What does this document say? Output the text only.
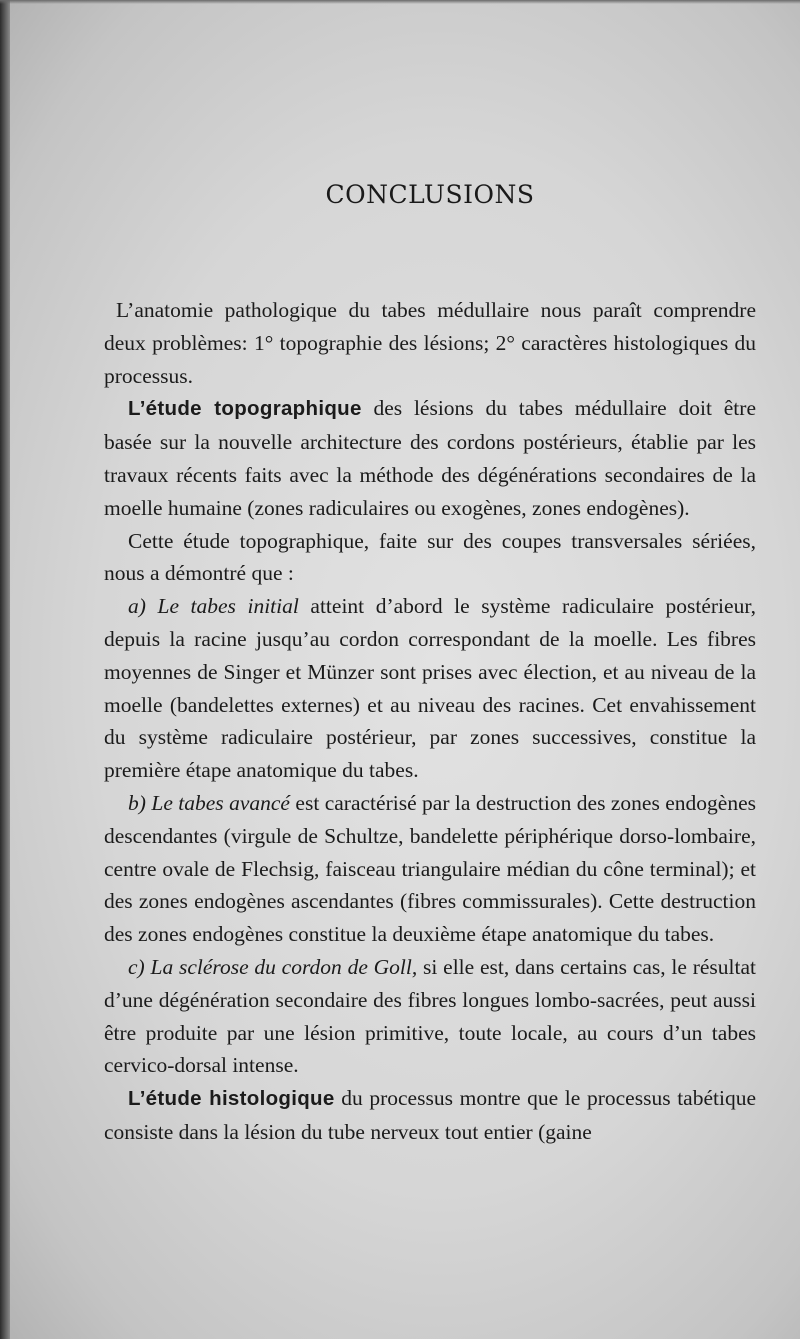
CONCLUSIONS

L’anatomie pathologique du tabes médullaire nous paraît comprendre deux problèmes: 1° topographie des lésions; 2° caractères histologiques du processus.

L’étude topographique des lésions du tabes médullaire doit être basée sur la nouvelle architecture des cordons postérieurs, établie par les travaux récents faits avec la méthode des dégénérations secondaires de la moelle humaine (zones radiculaires ou exogènes, zones endogènes).

Cette étude topographique, faite sur des coupes transversales sériées, nous a démontré que :

a) Le tabes initial atteint d’abord le système radiculaire postérieur, depuis la racine jusqu’au cordon correspondant de la moelle. Les fibres moyennes de Singer et Münzer sont prises avec élection, et au niveau de la moelle (bandelettes externes) et au niveau des racines. Cet envahissement du système radiculaire postérieur, par zones successives, constitue la première étape anatomique du tabes.

b) Le tabes avancé est caractérisé par la destruction des zones endogènes descendantes (virgule de Schultze, bandelette périphérique dorso-lombaire, centre ovale de Flechsig, faisceau triangulaire médian du cône terminal); et des zones endogènes ascendantes (fibres commissurales). Cette destruction des zones endogènes constitue la deuxième étape anatomique du tabes.

c) La sclérose du cordon de Goll, si elle est, dans certains cas, le résultat d’une dégénération secondaire des fibres longues lombo-sacrées, peut aussi être produite par une lésion primitive, toute locale, au cours d’un tabes cervico-dorsal intense.

L’étude histologique du processus montre que le processus tabétique consiste dans la lésion du tube nerveux tout entier (gaine
